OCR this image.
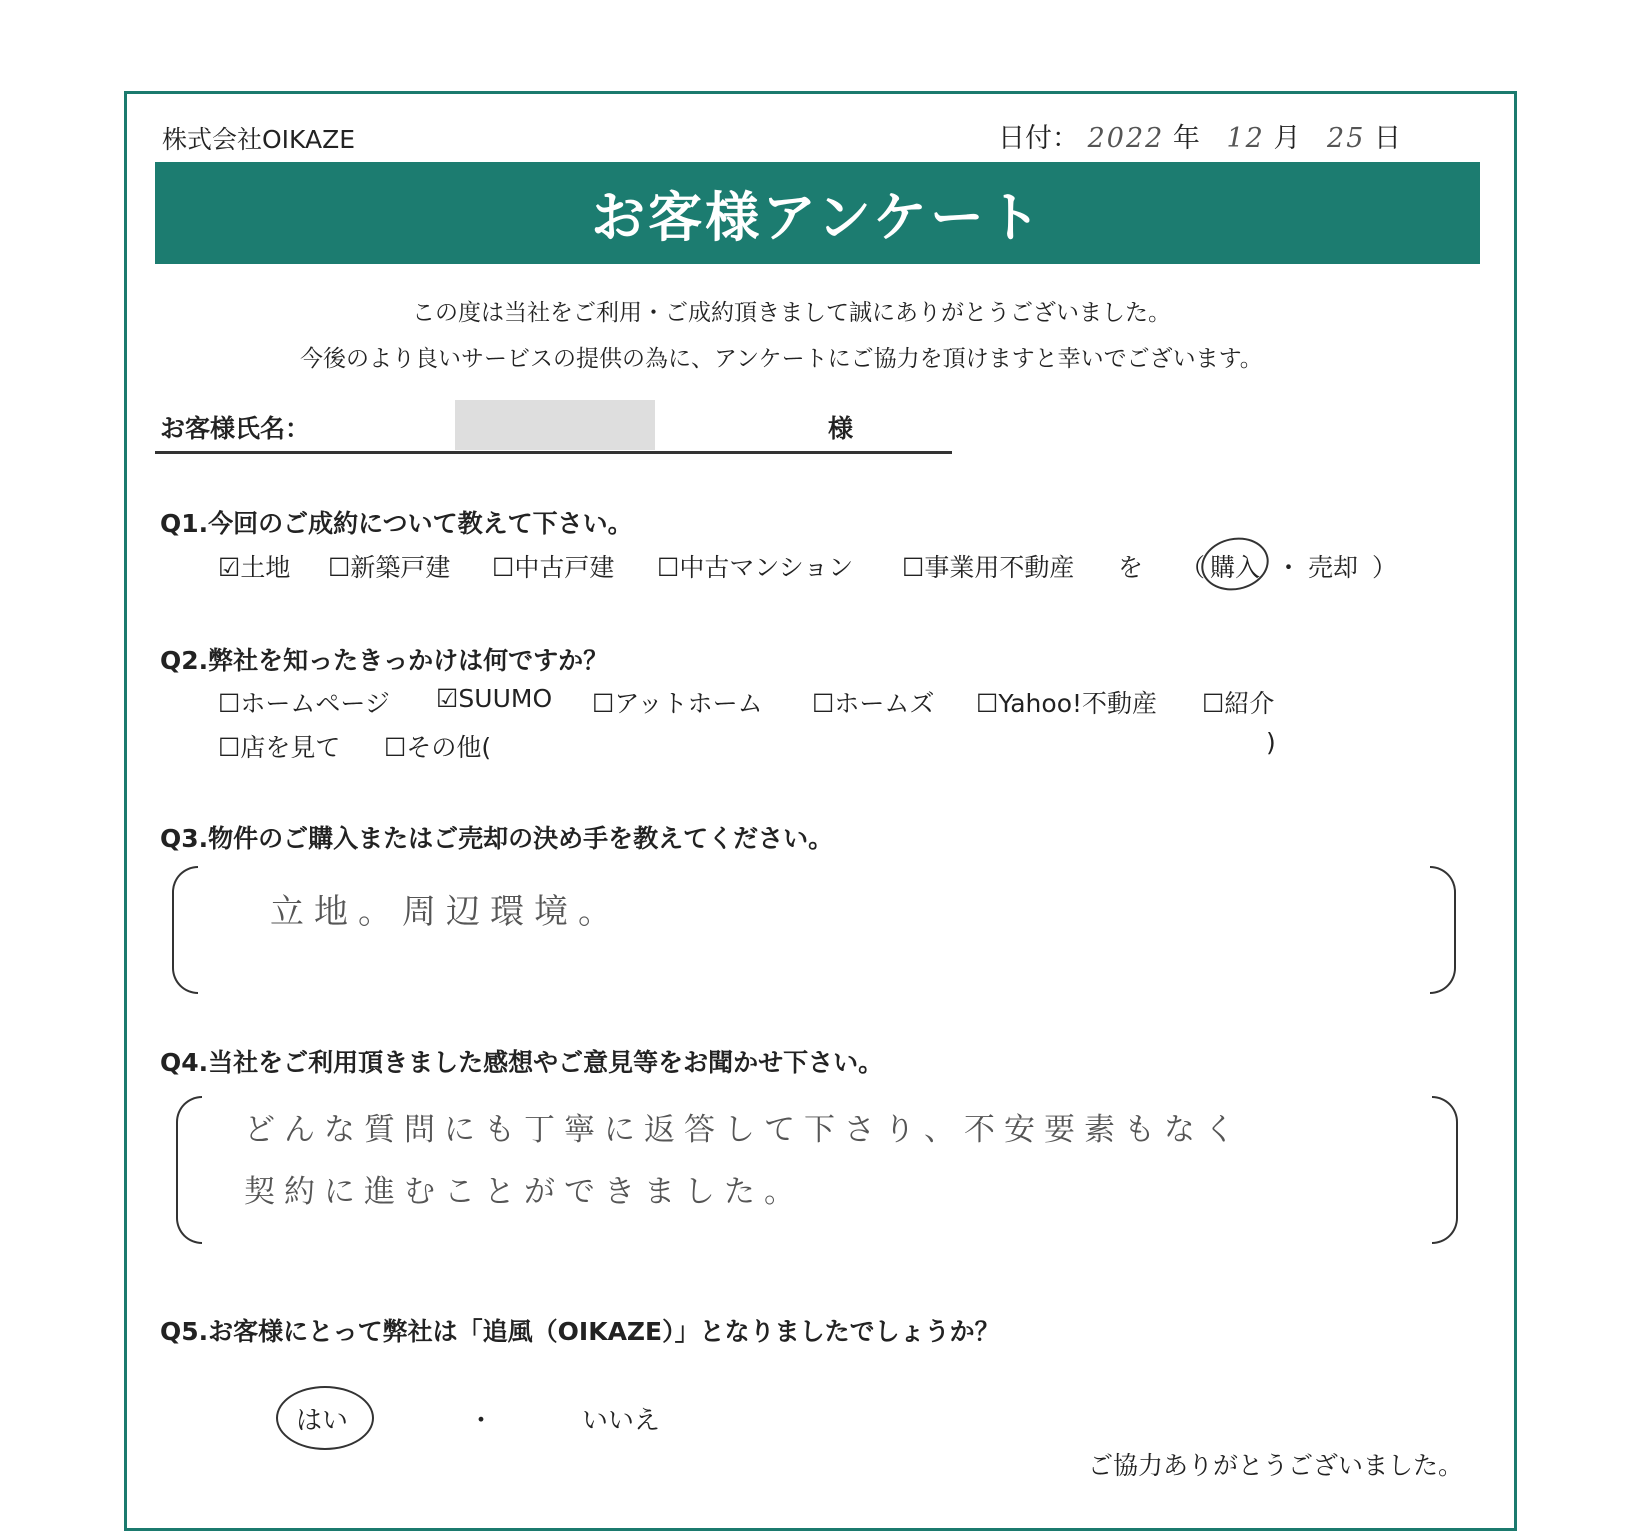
株式会社OIKAZE	日付： 2022 年 12 月 25 日
お客様アンケート
この度は当社をご利用・ご成約頂きまして誠にありがとうございました。
今後のより良いサービスの提供の為に、アンケートにご協力を頂けますと幸いでございます。
お客様氏名：	様
Q1.今回のご成約について教えて下さい。
☑土地 ☐新築戸建 ☐中古戸建 ☐中古マンション ☐事業用不動産 を （ 購入 ・ 売却 ）
Q2.弊社を知ったきっかけは何ですか？
☐ホームページ ☑SUUMO ☐アットホーム ☐ホームズ ☐Yahoo!不動産 ☐紹介
☐店を見て ☐その他(	)
Q3.物件のご購入またはご売却の決め手を教えてください。
立地。周辺環境。
Q4.当社をご利用頂きました感想やご意見等をお聞かせ下さい。
どんな質問にも丁寧に返答して下さり、不安要素もなく
契約に進むことができました。
Q5.お客様にとって弊社は「追風（OIKAZE）」となりましたでしょうか？
はい	・	いいえ
ご協力ありがとうございました。
